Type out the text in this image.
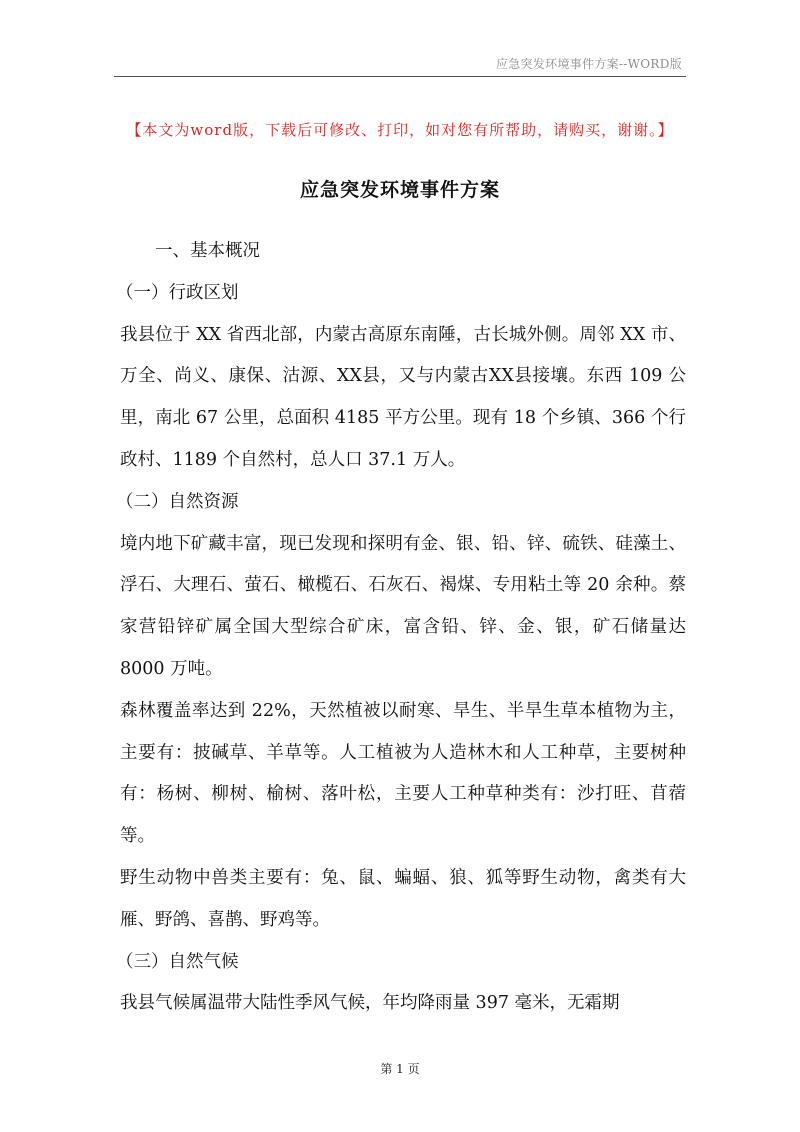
应急突发环境事件方案--WORD版
【本文为word版，下载后可修改、打印，如对您有所帮助，请购买，谢谢。】
应急突发环境事件方案

一、基本概况

（一）行政区划

我县位于 XX 省西北部，内蒙古高原东南陲，古长城外侧。周邻 XX 市、万全、尚义、康保、沽源、XX县，又与内蒙古XX县接壤。东西 109 公里，南北 67 公里，总面积 4185 平方公里。现有 18 个乡镇、366 个行政村、1189 个自然村，总人口 37.1 万人。

（二）自然资源

境内地下矿藏丰富，现已发现和探明有金、银、铅、锌、硫铁、硅藻土、浮石、大理石、萤石、橄榄石、石灰石、褐煤、专用粘土等 20 余种。蔡家营铅锌矿属全国大型综合矿床，富含铅、锌、金、银，矿石储量达 8000 万吨。

森林覆盖率达到 22%，天然植被以耐寒、旱生、半旱生草本植物为主，主要有：披碱草、羊草等。人工植被为人造林木和人工种草，主要树种有：杨树、柳树、榆树、落叶松，主要人工种草种类有：沙打旺、苜蓿等。

野生动物中兽类主要有：兔、鼠、蝙蝠、狼、狐等野生动物，禽类有大雁、野鸽、喜鹊、野鸡等。

（三）自然气候

我县气候属温带大陆性季风气候，年均降雨量 397 毫米，无霜期

第 1 页
